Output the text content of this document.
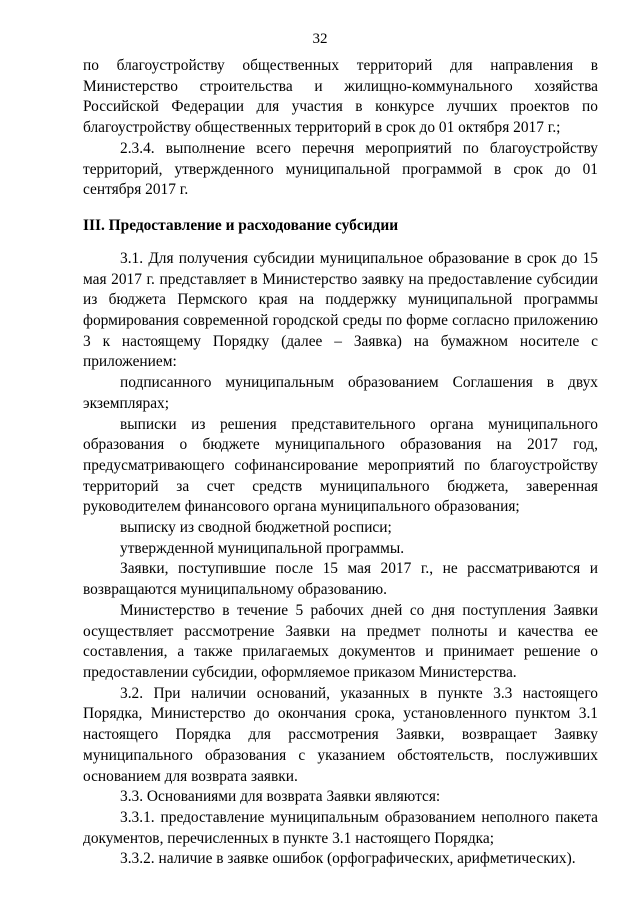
32

по благоустройству общественных территорий для направления в Министерство строительства и жилищно-коммунального хозяйства Российской Федерации для участия в конкурсе лучших проектов по благоустройству общественных территорий в срок до 01 октября 2017 г.;

2.3.4. выполнение всего перечня мероприятий по благоустройству территорий, утвержденного муниципальной программой в срок до 01 сентября 2017 г.

III. Предоставление и расходование субсидии

3.1. Для получения субсидии муниципальное образование в срок до 15 мая 2017 г. представляет в Министерство заявку на предоставление субсидии из бюджета Пермского края на поддержку муниципальной программы формирования современной городской среды по форме согласно приложению 3 к настоящему Порядку (далее – Заявка) на бумажном носителе с приложением:

подписанного муниципальным образованием Соглашения в двух экземплярах;

выписки из решения представительного органа муниципального образования о бюджете муниципального образования на 2017 год, предусматривающего софинансирование мероприятий по благоустройству территорий за счет средств муниципального бюджета, заверенная руководителем финансового органа муниципального образования;

выписку из сводной бюджетной росписи;

утвержденной муниципальной программы.

Заявки, поступившие после 15 мая 2017 г., не рассматриваются и возвращаются муниципальному образованию.

Министерство в течение 5 рабочих дней со дня поступления Заявки осуществляет рассмотрение Заявки на предмет полноты и качества ее составления, а также прилагаемых документов и принимает решение о предоставлении субсидии, оформляемое приказом Министерства.

3.2. При наличии оснований, указанных в пункте 3.3 настоящего Порядка, Министерство до окончания срока, установленного пунктом 3.1 настоящего Порядка для рассмотрения Заявки, возвращает Заявку муниципального образования с указанием обстоятельств, послуживших основанием для возврата заявки.

3.3. Основаниями для возврата Заявки являются:

3.3.1. предоставление муниципальным образованием неполного пакета документов, перечисленных в пункте 3.1 настоящего Порядка;

3.3.2. наличие в заявке ошибок (орфографических, арифметических).
